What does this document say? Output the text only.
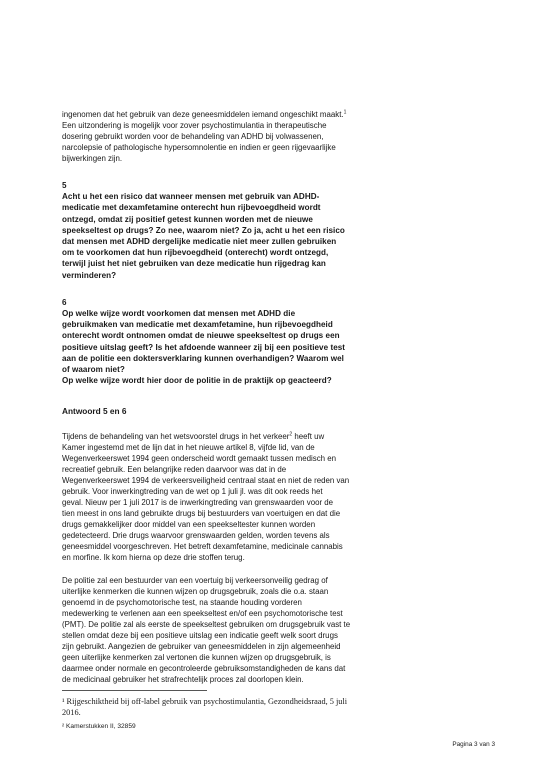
ingenomen dat het gebruik van deze geneesmiddelen iemand ongeschikt maakt.$^1$

Een uitzondering is mogelijk voor zover psychostimulantia in therapeutische

dosering gebruikt worden voor de behandeling van ADHD bij volwassenen,

narcolepsie of pathologische hypersomnolentie en indien er geen rijgevaarlijke

bijwerkingen zijn.

5

Acht u het een risico dat wanneer mensen met gebruik van ADHD-

medicatie met dexamfetamine onterecht hun rijbevoegdheid wordt

ontzegd, omdat zij positief getest kunnen worden met de nieuwe

speekseltest op drugs? Zo nee, waarom niet? Zo ja, acht u het een risico

dat mensen met ADHD dergelijke medicatie niet meer zullen gebruiken

om te voorkomen dat hun rijbevoegdheid (onterecht) wordt ontzegd,

terwijl juist het niet gebruiken van deze medicatie hun rijgedrag kan

verminderen?

6

Op welke wijze wordt voorkomen dat mensen met ADHD die

gebruikmaken van medicatie met dexamfetamine, hun rijbevoegdheid

onterecht wordt ontnomen omdat de nieuwe speekseltest op drugs een

positieve uitslag geeft? Is het afdoende wanneer zij bij een positieve test

aan de politie een doktersverklaring kunnen overhandigen? Waarom wel

of waarom niet?

Op welke wijze wordt hier door de politie in de praktijk op geacteerd?

Antwoord 5 en 6

Tijdens de behandeling van het wetsvoorstel drugs in het verkeer$^2$ heeft uw

Kamer ingestemd met de lijn dat in het nieuwe artikel 8, vijfde lid, van de

Wegenverkeerswet 1994 geen onderscheid wordt gemaakt tussen medisch en

recreatief gebruik. Een belangrijke reden daarvoor was dat in de

Wegenverkeerswet 1994 de verkeersveiligheid centraal staat en niet de reden van

gebruik. Voor inwerkingtreding van de wet op 1 juli jl. was dit ook reeds het

geval. Nieuw per 1 juli 2017 is de inwerkingtreding van grenswaarden voor de

tien meest in ons land gebruikte drugs bij bestuurders van voertuigen en dat die

drugs gemakkelijker door middel van een speekseltester kunnen worden

gedetecteerd. Drie drugs waarvoor grenswaarden gelden, worden tevens als

geneesmiddel voorgeschreven. Het betreft dexamfetamine, medicinale cannabis

en morfine. Ik kom hierna op deze drie stoffen terug.

De politie zal een bestuurder van een voertuig bij verkeersonveilig gedrag of

uiterlijke kenmerken die kunnen wijzen op drugsgebruik, zoals die o.a. staan

genoemd in de psychomotorische test, na staande houding vorderen

medewerking te verlenen aan een speekseltest en/of een psychomotorische test

(PMT). De politie zal als eerste de speekseltest gebruiken om drugsgebruik vast te

stellen omdat deze bij een positieve uitslag een indicatie geeft welk soort drugs

zijn gebruikt. Aangezien de gebruiker van geneesmiddelen in zijn algemeenheid

geen uiterlijke kenmerken zal vertonen die kunnen wijzen op drugsgebruik, is

daarmee onder normale en gecontroleerde gebruiksomstandigheden de kans dat

de medicinaal gebruiker het strafrechtelijk proces zal doorlopen klein.

¹ Rijgeschiktheid bij off-label gebruik van psychostimulantia, Gezondheidsraad, 5 juli
2016.
² Kamerstukken II, 32859
Pagina 3 van 3
